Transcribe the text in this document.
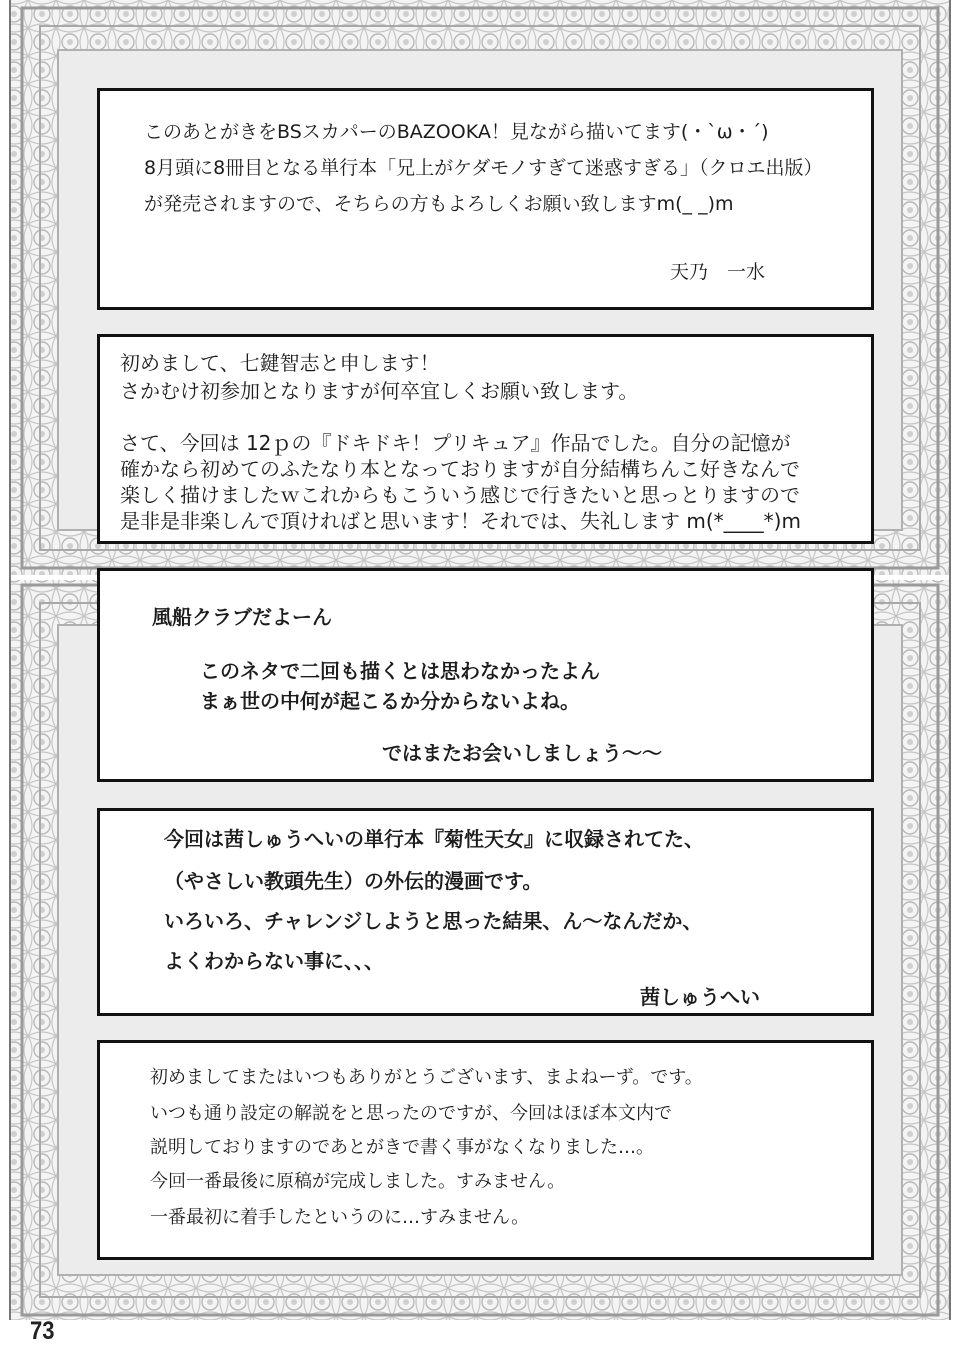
このあとがきをBSスカパーのBAZOOKA！見ながら描いてます(・`ω・´)
8月頭に8冊目となる単行本「兄上がケダモノすぎて迷惑すぎる」（クロエ出版）
が発売されますので、そちらの方もよろしくお願い致しますm(_ _)m
天乃　一水
初めまして、七鍵智志と申します！
さかむけ初参加となりますが何卒宜しくお願い致します。
さて、今回は 12ｐの『ドキドキ！プリキュア』作品でした。自分の記憶が
確かなら初めてのふたなり本となっておりますが自分結構ちんこ好きなんで
楽しく描けましたｗこれからもこういう感じで行きたいと思っとりますので
是非是非楽しんで頂ければと思います！それでは、失礼します m(*____*)m
風船クラブだよーん
このネタで二回も描くとは思わなかったよん
まぁ世の中何が起こるか分からないよね。
ではまたお会いしましょう～～
今回は茜しゅうへいの単行本『菊性天女』に収録されてた、
（やさしい教頭先生）の外伝的漫画です。
いろいろ、チャレンジしようと思った結果、ん～なんだか、
よくわからない事に、、、
茜しゅうへい
初めましてまたはいつもありがとうございます、まよねーず。です。
いつも通り設定の解説をと思ったのですが、今回はほぼ本文内で
説明しておりますのであとがきで書く事がなくなりました…。
今回一番最後に原稿が完成しました。すみません。
一番最初に着手したというのに…すみません。
73
